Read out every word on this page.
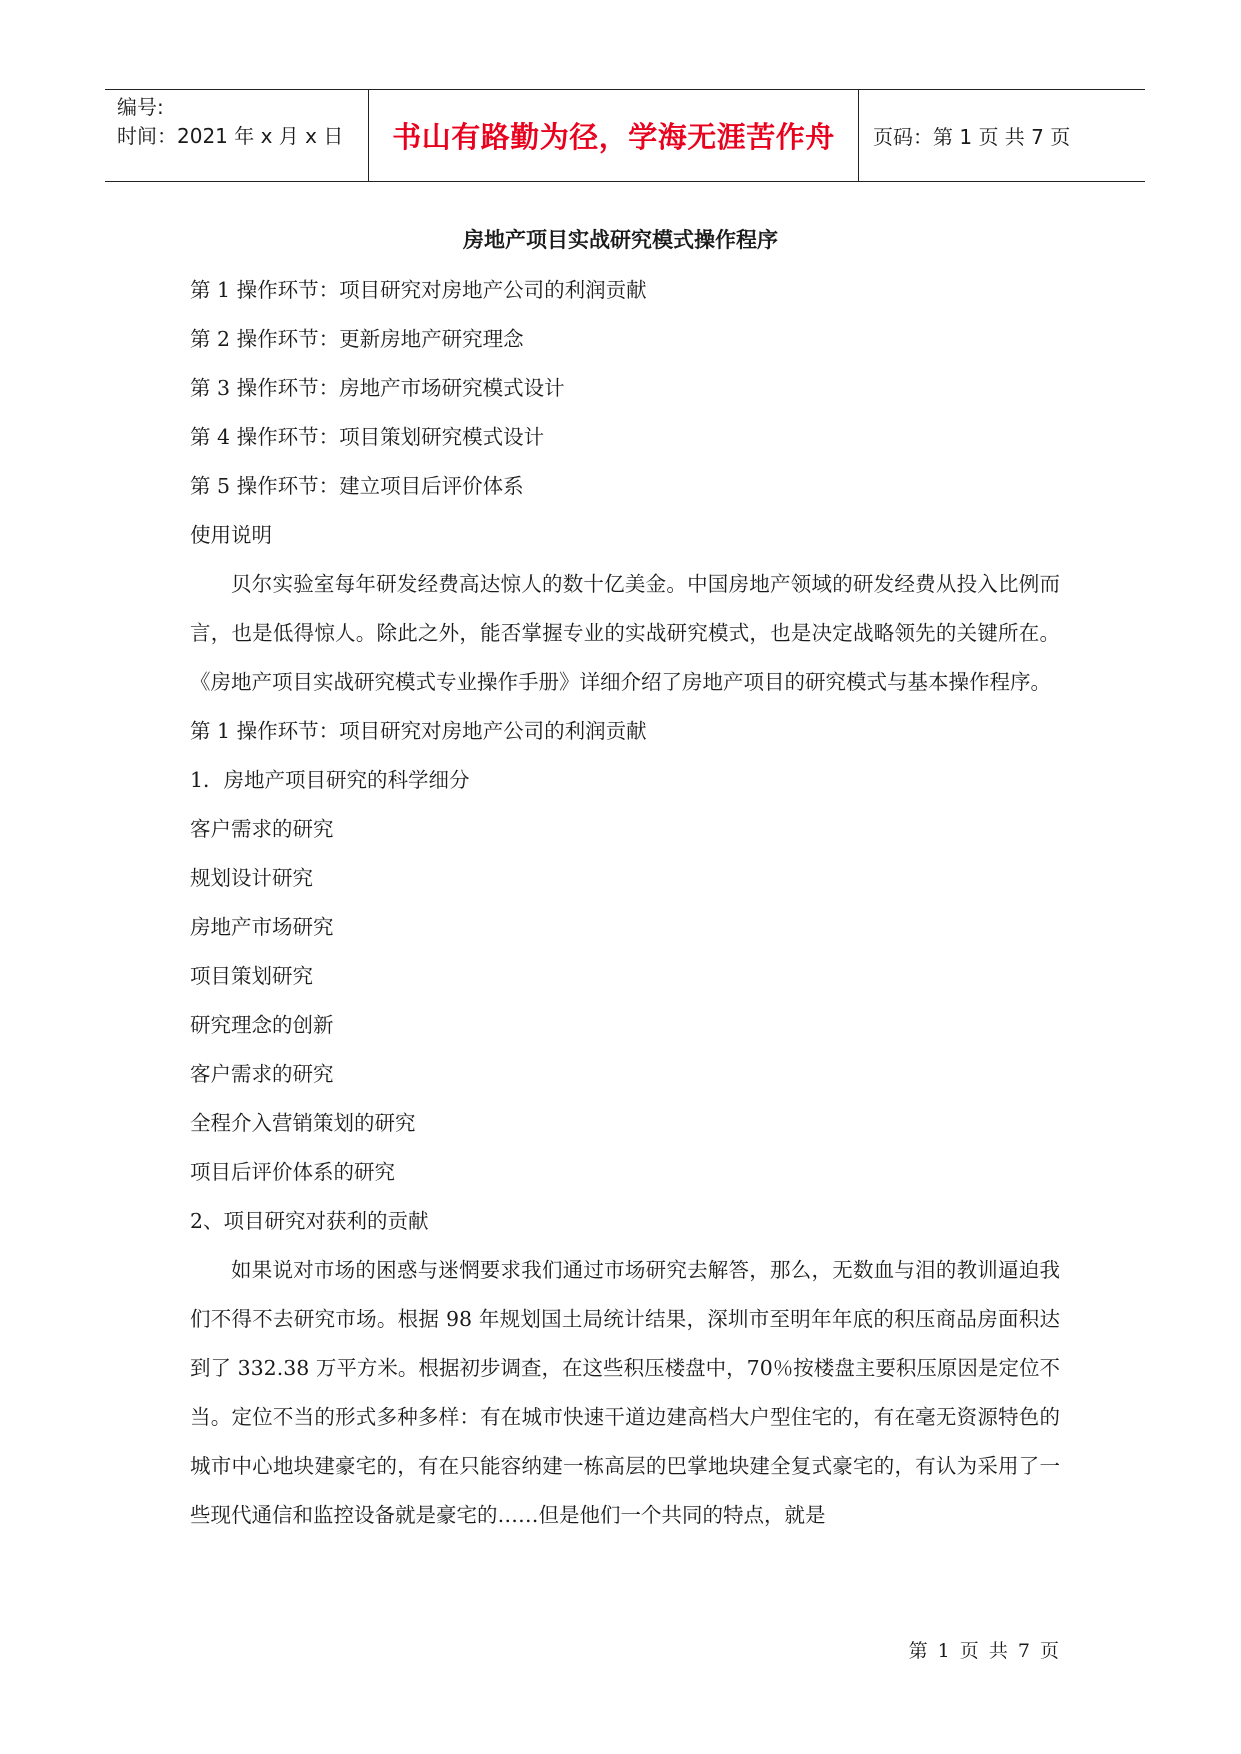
编号:
时间：2021 年 x 月 x 日	书山有路勤为径，学海无涯苦作舟 页码：第 1 页 共 7 页
房地产项目实战研究模式操作程序
第 1 操作环节：项目研究对房地产公司的利润贡献
第 2 操作环节：更新房地产研究理念
第 3 操作环节：房地产市场研究模式设计
第 4 操作环节：项目策划研究模式设计
第 5 操作环节：建立项目后评价体系
使用说明
贝尔实验室每年研发经费高达惊人的数十亿美金。中国房地产领域的研发经费从投入比例而言，也是低得惊人。除此之外，能否掌握专业的实战研究模式，也是决定战略领先的关键所在。《房地产项目实战研究模式专业操作手册》详细介绍了房地产项目的研究模式与基本操作程序。
第 1 操作环节：项目研究对房地产公司的利润贡献
1．房地产项目研究的科学细分
客户需求的研究
规划设计研究
房地产市场研究
项目策划研究
研究理念的创新
客户需求的研究
全程介入营销策划的研究
项目后评价体系的研究
2、项目研究对获利的贡献
如果说对市场的困惑与迷惘要求我们通过市场研究去解答，那么，无数血与泪的教训逼迫我们不得不去研究市场。根据 98 年规划国土局统计结果，深圳市至明年年底的积压商品房面积达到了 332.38 万平方米。根据初步调查，在这些积压楼盘中，70％按楼盘主要积压原因是定位不当。定位不当的形式多种多样：有在城市快速干道边建高档大户型住宅的，有在毫无资源特色的城市中心地块建豪宅的，有在只能容纳建一栋高层的巴掌地块建全复式豪宅的，有认为采用了一些现代通信和监控设备就是豪宅的……但是他们一个共同的特点，就是
第 1 页 共 7 页
